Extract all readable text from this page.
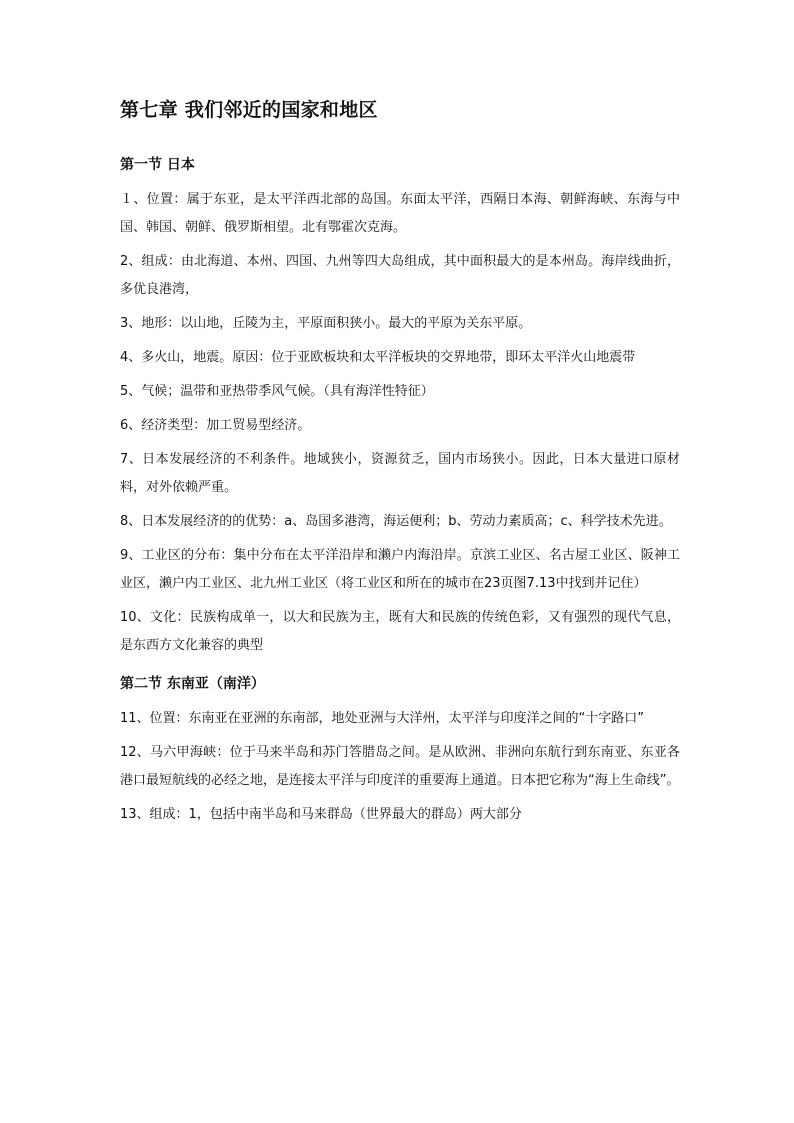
第七章 我们邻近的国家和地区
第一节 日本

１、位置：属于东亚，是太平洋西北部的岛国。东面太平洋，西隔日本海、朝鲜海峡、东海与中国、韩国、朝鲜、俄罗斯相望。北有鄂霍次克海。

2、组成：由北海道、本州、四国、九州等四大岛组成，其中面积最大的是本州岛。海岸线曲折，多优良港湾，

3、地形：以山地，丘陵为主，平原面积狭小。最大的平原为关东平原。

4、多火山，地震。原因：位于亚欧板块和太平洋板块的交界地带，即环太平洋火山地震带

5、气候；温带和亚热带季风气候。（具有海洋性特征）

6、经济类型：加工贸易型经济。

7、日本发展经济的不利条件。地域狭小，资源贫乏，国内市场狭小。因此，日本大量进口原材料，对外依赖严重。

8、日本发展经济的的优势：a、岛国多港湾，海运便利；b、劳动力素质高；c、科学技术先进。

9、工业区的分布：集中分布在太平洋沿岸和濑户内海沿岸。京滨工业区、名古屋工业区、阪神工业区，濑户内工业区、北九州工业区（将工业区和所在的城市在23页图7.13中找到并记住）

10、文化：民族构成单一，以大和民族为主，既有大和民族的传统色彩，又有强烈的现代气息，是东西方文化兼容的典型

第二节 东南亚（南洋）

11、位置：东南亚在亚洲的东南部，地处亚洲与大洋州，太平洋与印度洋之间的“十字路口”

12、马六甲海峡：位于马来半岛和苏门答腊岛之间。是从欧洲、非洲向东航行到东南亚、东亚各港口最短航线的必经之地，是连接太平洋与印度洋的重要海上通道。日本把它称为“海上生命线”。

13、组成：1，包括中南半岛和马来群岛（世界最大的群岛）两大部分
